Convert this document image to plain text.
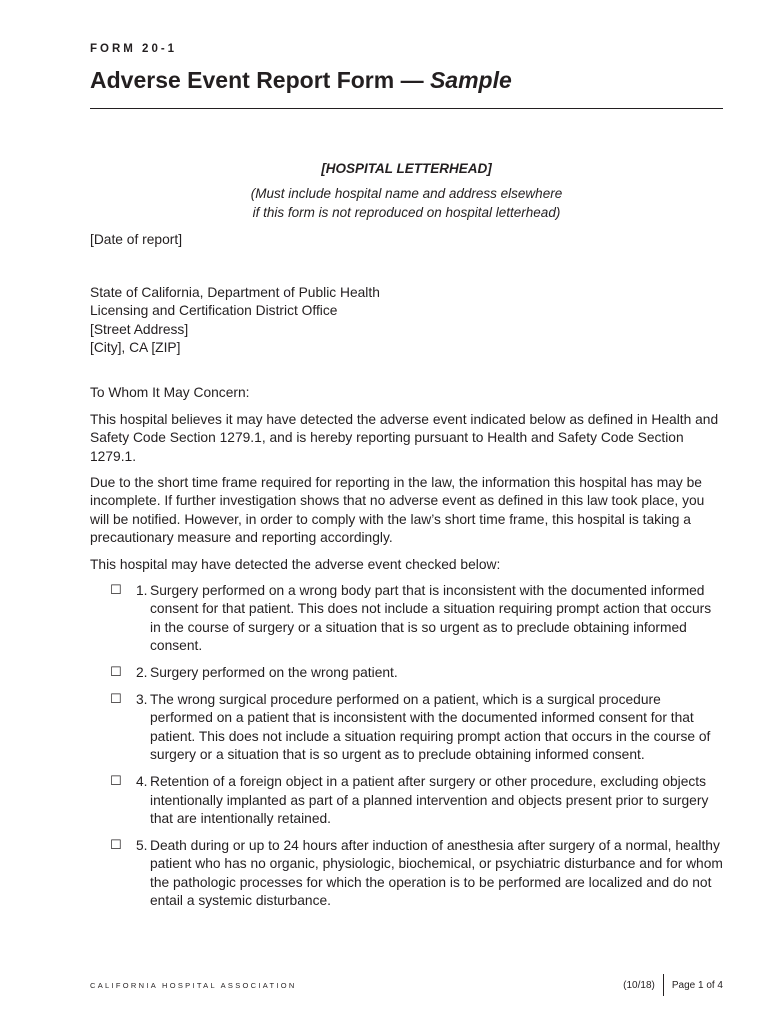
FORM 20-1
Adverse Event Report Form — Sample
[HOSPITAL LETTERHEAD]
(Must include hospital name and address elsewhere
if this form is not reproduced on hospital letterhead)
[Date of report]
State of California, Department of Public Health
Licensing and Certification District Office
[Street Address]
[City], CA [ZIP]
To Whom It May Concern:
This hospital believes it may have detected the adverse event indicated below as defined in Health and Safety Code Section 1279.1, and is hereby reporting pursuant to Health and Safety Code Section 1279.1.
Due to the short time frame required for reporting in the law, the information this hospital has may be incomplete. If further investigation shows that no adverse event as defined in this law took place, you will be notified. However, in order to comply with the law’s short time frame, this hospital is taking a precautionary measure and reporting accordingly.
This hospital may have detected the adverse event checked below:
☐	1. Surgery performed on a wrong body part that is inconsistent with the documented informed consent for that patient. This does not include a situation requiring prompt action that occurs in the course of surgery or a situation that is so urgent as to preclude obtaining informed consent.
☐	2. Surgery performed on the wrong patient.
☐	3. The wrong surgical procedure performed on a patient, which is a surgical procedure performed on a patient that is inconsistent with the documented informed consent for that patient. This does not include a situation requiring prompt action that occurs in the course of surgery or a situation that is so urgent as to preclude obtaining informed consent.
☐	4. Retention of a foreign object in a patient after surgery or other procedure, excluding objects intentionally implanted as part of a planned intervention and objects present prior to surgery that are intentionally retained.
☐	5. Death during or up to 24 hours after induction of anesthesia after surgery of a normal, healthy patient who has no organic, physiologic, biochemical, or psychiatric disturbance and for whom the pathologic processes for which the operation is to be performed are localized and do not entail a systemic disturbance.
CALIFORNIA HOSPITAL ASSOCIATION	(10/18) Page 1 of 4
